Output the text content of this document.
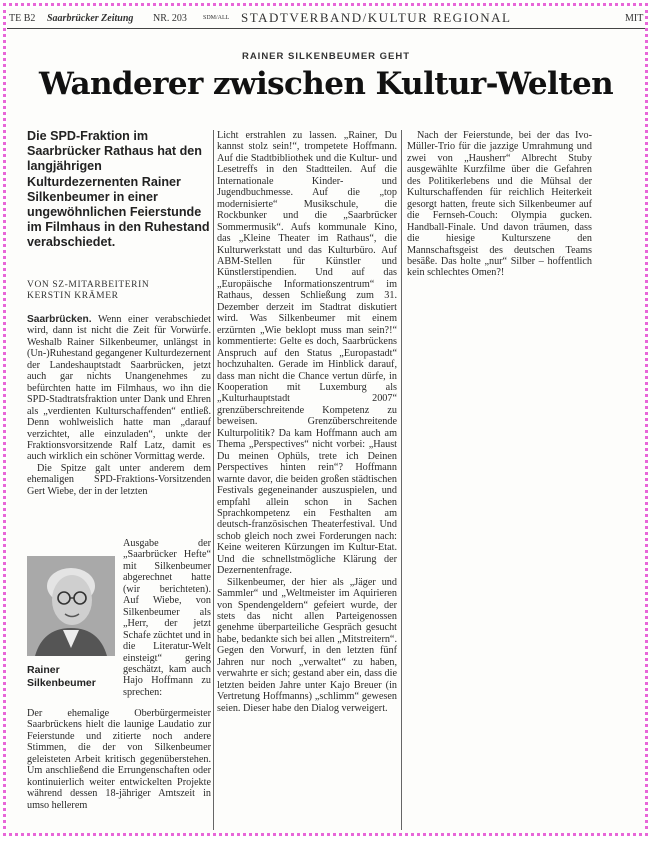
TE B2 Saarbrücker Zeitung NR. 203	SDM/ALL STADTVERBAND/KULTUR REGIONAL	MIT
RAINER SILKENBEUMER GEHT
Wanderer zwischen Kultur-Welten
Die SPD-Fraktion im Saarbrücker Rathaus hat den langjährigen Kulturdezernenten Rainer Silkenbeumer in einer ungewöhnlichen Feierstunde im Filmhaus in den Ruhestand verabschiedet.
VON SZ-MITARBEITERIN
KERSTIN KRÄMER

Saarbrücken. Wenn einer verabschiedet wird, dann ist nicht die Zeit für Vorwürfe. Weshalb Rainer Silkenbeumer, unlängst in (Un-)Ruhestand gegangener Kulturdezernent der Landeshauptstadt Saarbrücken, jetzt auch gar nichts Unangenehmes zu befürchten hatte im Filmhaus, wo ihn die SPD-Stadtratsfraktion unter Dank und Ehren als „verdienten Kulturschaffenden“ entließ. Denn wohlweislich hatte man „darauf verzichtet, alle einzuladen“, unkte der Fraktionsvorsitzende Ralf Latz, damit es auch wirklich ein schöner Vormittag werde.

Die Spitze galt unter anderem dem ehemaligen SPD-Fraktions-Vorsitzenden Gert Wiebe, der in der letzten

Rainer
Silkenbeumer

Ausgabe der „Saarbrücker Hefte“ mit Silkenbeumer abgerechnet hatte (wir berichteten). Auf Wiebe, von Silkenbeumer als „Herr, der jetzt Schafe züchtet und in die Literatur-Welt einsteigt“ gering geschätzt, kam auch Hajo Hoffmann zu sprechen:

Der ehemalige Oberbürgermeister Saarbrückens hielt die launige Laudatio zur Feierstunde und zitierte noch andere Stimmen, die der von Silkenbeumer geleisteten Arbeit kritisch gegenüberstehen. Um anschließend die Errungenschaften oder kontinuierlich weiter entwickelten Projekte während dessen 18-jähriger Amtszeit in umso hellerem

Licht erstrahlen zu lassen. „Rainer, Du kannst stolz sein!“, trompetete Hoffmann. Auf die Stadtbibliothek und die Kultur- und Lesetreffs in den Stadtteilen. Auf die Internationale Kinder- und Jugendbuchmesse. Auf die „top modernisierte“ Musikschule, die Rockbunker und die „Saarbrücker Sommermusik“. Aufs kommunale Kino, das „Kleine Theater im Rathaus“, die Kulturwerkstatt und das Kulturbüro. Auf ABM-Stellen für Künstler und Künstlerstipendien. Und auf das „Europäische Informationszentrum“ im Rathaus, dessen Schließung zum 31. Dezember derzeit im Stadtrat diskutiert wird. Was Silkenbeumer mit einem erzürnten „Wie beklopt muss man sein?!“ kommentierte: Gelte es doch, Saarbrückens Anspruch auf den Status „Europastadt“ hochzuhalten. Gerade im Hinblick darauf, dass man nicht die Chance vertun dürfe, in Kooperation mit Luxemburg als „Kulturhauptstadt 2007“ grenzüberschreitende Kompetenz zu beweisen. Grenzüberschreitende Kulturpolitik? Da kam Hoffmann auch am Thema „Perspectives“ nicht vorbei: „Haust Du meinen Ophüls, trete ich Deinen Perspectives hinten rein“? Hoffmann warnte davor, die beiden großen städtischen Festivals gegeneinander auszuspielen, und empfahl allein schon in Sachen Sprachkompetenz ein Festhalten am deutsch-französischen Theaterfestival. Und schob gleich noch zwei Forderungen nach: Keine weiteren Kürzungen im Kultur-Etat. Und die schnellstmögliche Klärung der Dezernentenfrage.

Silkenbeumer, der hier als „Jäger und Sammler“ und „Weltmeister im Aquirieren von Spendengeldern“ gefeiert wurde, der stets das nicht allen Parteigenossen genehme überparteiliche Gespräch gesucht habe, bedankte sich bei allen „Mitstreitern“. Gegen den Vorwurf, in den letzten fünf Jahren nur noch „verwaltet“ zu haben, verwahrte er sich; gestand aber ein, dass die letzten beiden Jahre unter Kajo Breuer (in Vertretung Hoffmanns) „schlimm“ gewesen seien. Dieser habe den Dialog verweigert.

Nach der Feierstunde, bei der das Ivo-Müller-Trio für die jazzige Umrahmung und zwei von „Hausherr“ Albrecht Stuby ausgewählte Kurzfilme über die Gefahren des Politikerlebens und die Mühsal der Kulturschaffenden für reichlich Heiterkeit gesorgt hatten, freute sich Silkenbeumer auf die Fernseh-Couch: Olympia gucken. Handball-Finale. Und davon träumen, dass die hiesige Kulturszene den Mannschaftsgeist des deutschen Teams besäße. Das holte „nur“ Silber – hoffentlich kein schlechtes Omen?!
